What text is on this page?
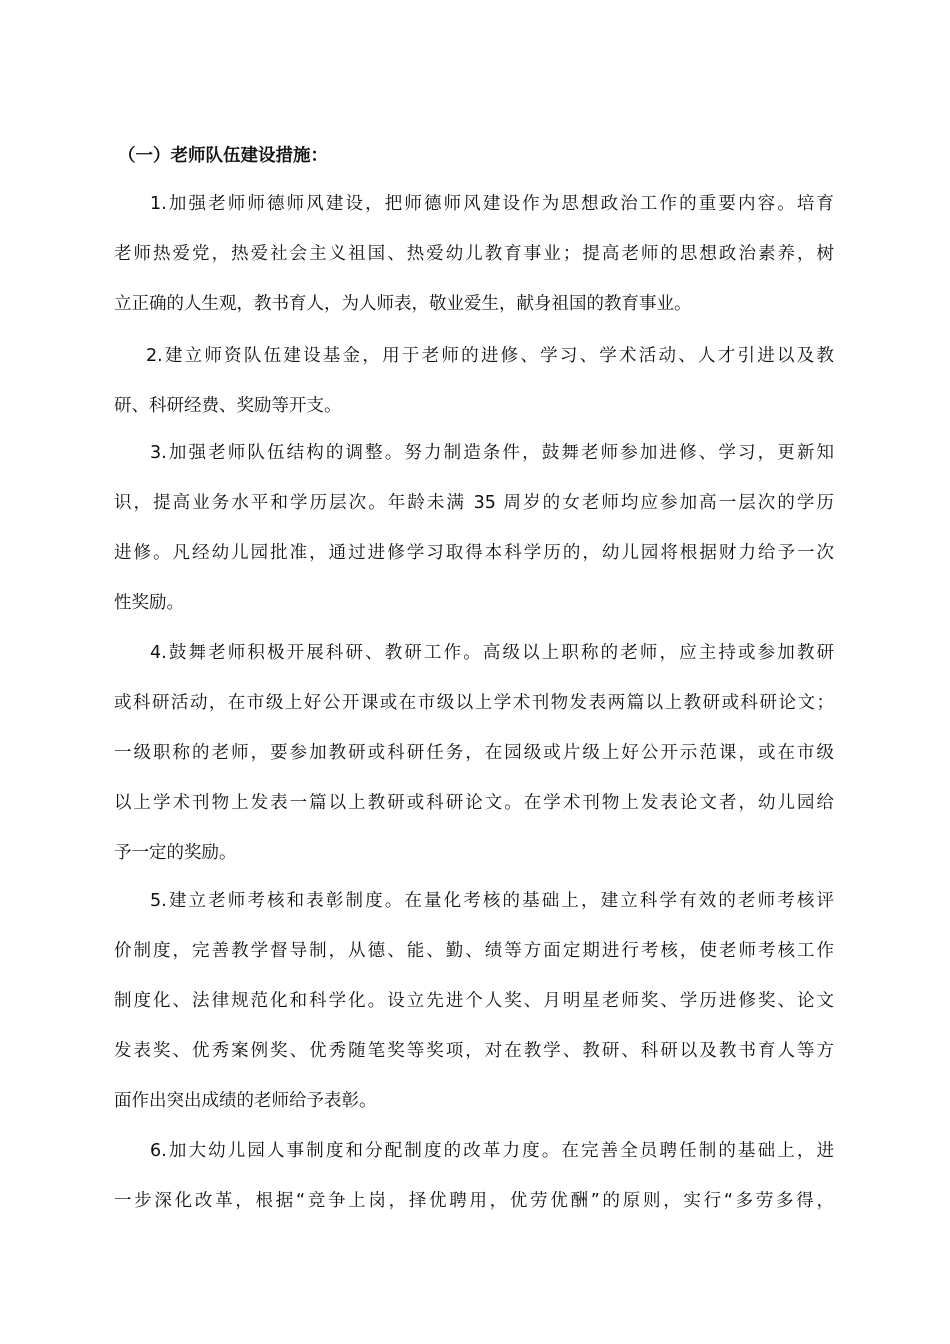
（一）老师队伍建设措施：
1.加强老师师德师风建设，把师德师风建设作为思想政治工作的重要内容。培育
老师热爱党，热爱社会主义祖国、热爱幼儿教育事业；提高老师的思想政治素养，树
立正确的人生观，教书育人，为人师表，敬业爱生，献身祖国的教育事业。
2.建立师资队伍建设基金，用于老师的进修、学习、学术活动、人才引进以及教
研、科研经费、奖励等开支。
3.加强老师队伍结构的调整。努力制造条件，鼓舞老师参加进修、学习，更新知
识，提高业务水平和学历层次。年龄未满 35 周岁的女老师均应参加高一层次的学历
进修。凡经幼儿园批准，通过进修学习取得本科学历的，幼儿园将根据财力给予一次
性奖励。
4.鼓舞老师积极开展科研、教研工作。高级以上职称的老师，应主持或参加教研
或科研活动，在市级上好公开课或在市级以上学术刊物发表两篇以上教研或科研论文；
一级职称的老师，要参加教研或科研任务，在园级或片级上好公开示范课，或在市级
以上学术刊物上发表一篇以上教研或科研论文。在学术刊物上发表论文者，幼儿园给
予一定的奖励。
5.建立老师考核和表彰制度。在量化考核的基础上，建立科学有效的老师考核评
价制度，完善教学督导制，从德、能、勤、绩等方面定期进行考核，使老师考核工作
制度化、法律规范化和科学化。设立先进个人奖、月明星老师奖、学历进修奖、论文
发表奖、优秀案例奖、优秀随笔奖等奖项，对在教学、教研、科研以及教书育人等方
面作出突出成绩的老师给予表彰。
6.加大幼儿园人事制度和分配制度的改革力度。在完善全员聘任制的基础上，进
一步深化改革，根据“竞争上岗，择优聘用，优劳优酬”的原则，实行“多劳多得，
